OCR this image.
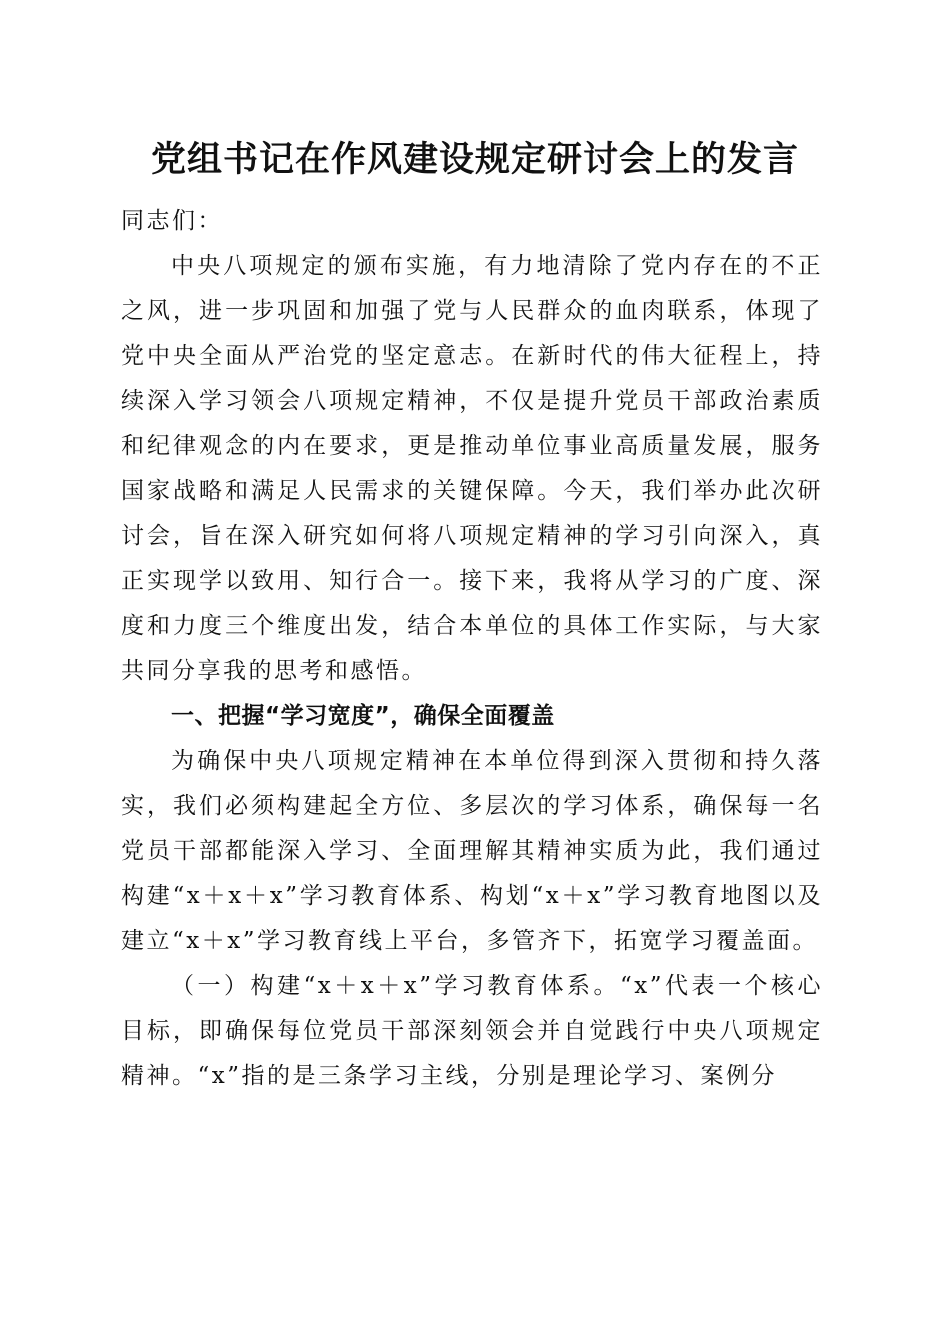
党组书记在作风建设规定研讨会上的发言

同志们：

中央八项规定的颁布实施，有力地清除了党内存在的不正之风，进一步巩固和加强了党与人民群众的血肉联系，体现了党中央全面从严治党的坚定意志。在新时代的伟大征程上，持续深入学习领会八项规定精神，不仅是提升党员干部政治素质和纪律观念的内在要求，更是推动单位事业高质量发展，服务国家战略和满足人民需求的关键保障。今天，我们举办此次研讨会，旨在深入研究如何将八项规定精神的学习引向深入，真正实现学以致用、知行合一。接下来，我将从学习的广度、深度和力度三个维度出发，结合本单位的具体工作实际，与大家共同分享我的思考和感悟。

一、把握“学习宽度”，确保全面覆盖

为确保中央八项规定精神在本单位得到深入贯彻和持久落实，我们必须构建起全方位、多层次的学习体系，确保每一名党员干部都能深入学习、全面理解其精神实质为此，我们通过构建“x＋x＋x”学习教育体系、构划“x＋x”学习教育地图以及建立“x＋x”学习教育线上平台，多管齐下，拓宽学习覆盖面。

（一）构建“x＋x＋x”学习教育体系。“x”代表一个核心目标，即确保每位党员干部深刻领会并自觉践行中央八项规定精神。“x”指的是三条学习主线，分别是理论学习、案例分
